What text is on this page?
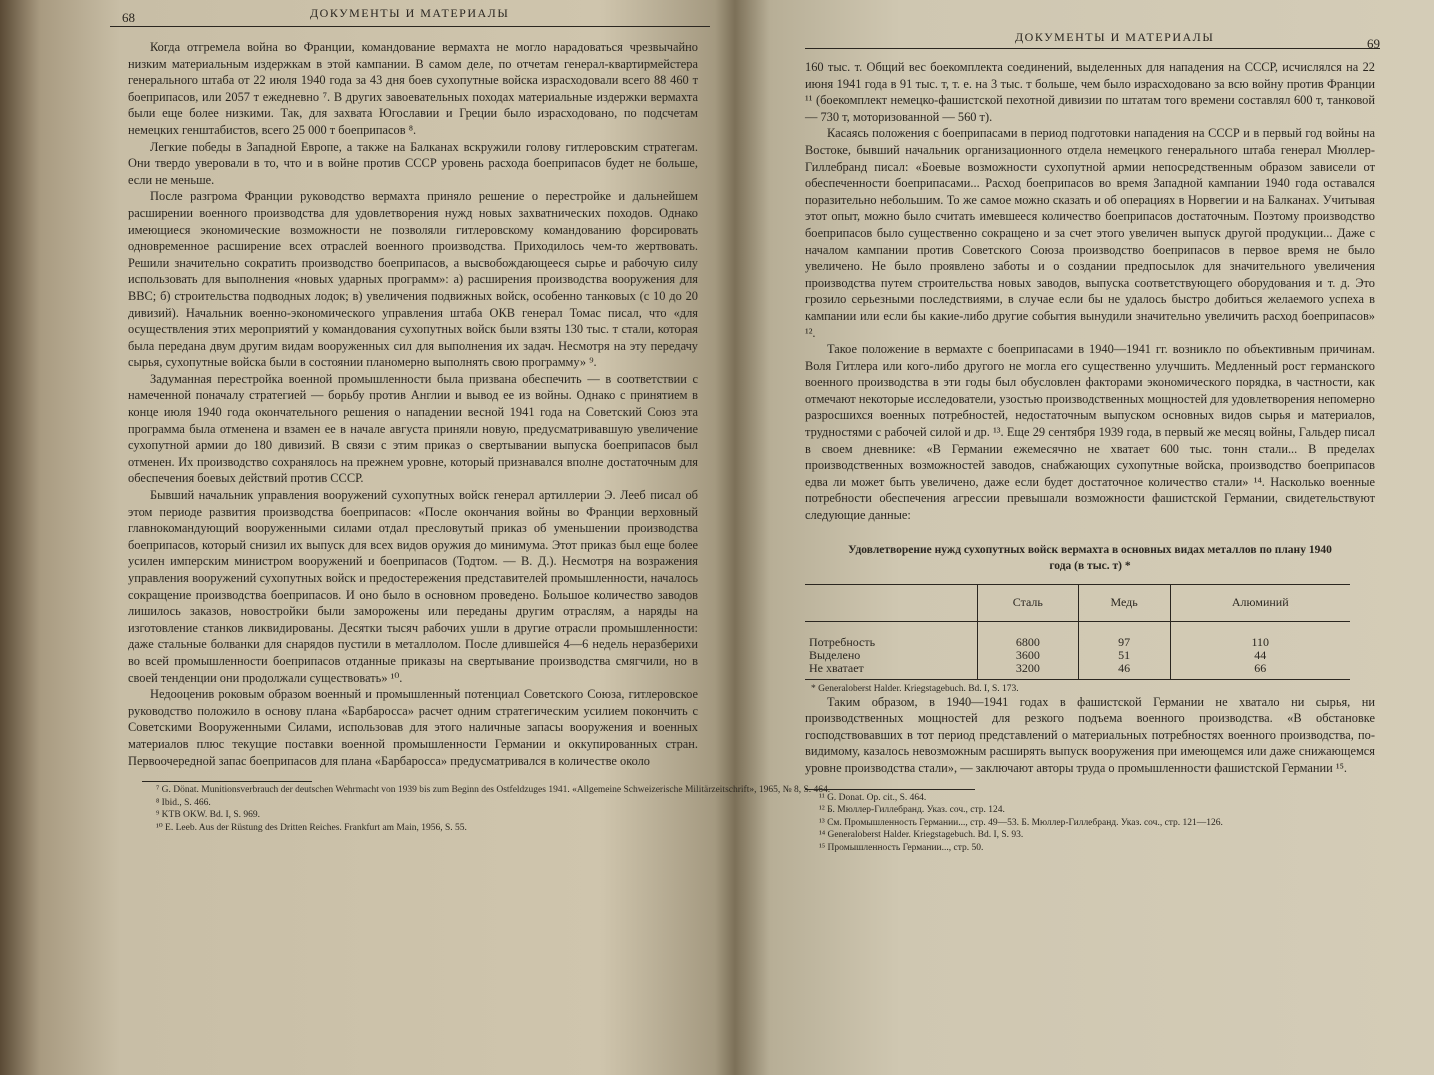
68	ДОКУМЕНТЫ И МАТЕРИАЛЫ

Когда отгремела война во Франции, командование вермахта не могло нарадоваться чрезвычайно низким материальным издержкам в этой кампании. В самом деле, по отчетам генерал-квартирмейстера генерального штаба от 22 июля 1940 года за 43 дня боев сухопутные войска израсходовали всего 88 460 т боеприпасов, или 2057 т ежедневно ⁷. В других завоевательных походах материальные издержки вермахта были еще более низкими. Так, для захвата Югославии и Греции было израсходовано, по подсчетам немецких генштабистов, всего 25 000 т боеприпасов ⁸.

Легкие победы в Западной Европе, а также на Балканах вскружили голову гитлеровским стратегам. Они твердо уверовали в то, что и в войне против СССР уровень расхода боеприпасов будет не больше, если не меньше.

После разгрома Франции руководство вермахта приняло решение о перестройке и дальнейшем расширении военного производства для удовлетворения нужд новых захватнических походов. Однако имеющиеся экономические возможности не позволяли гитлеровскому командованию форсировать одновременное расширение всех отраслей военного производства. Приходилось чем-то жертвовать. Решили значительно сократить производство боеприпасов, а высвобождающееся сырье и рабочую силу использовать для выполнения «новых ударных программ»: а) расширения производства вооружения для ВВС; б) строительства подводных лодок; в) увеличения подвижных войск, особенно танковых (с 10 до 20 дивизий). Начальник военно-экономического управления штаба ОКВ генерал Томас писал, что «для осуществления этих мероприятий у командования сухопутных войск были взяты 130 тыс. т стали, которая была передана двум другим видам вооруженных сил для выполнения их задач. Несмотря на эту передачу сырья, сухопутные войска были в состоянии планомерно выполнять свою программу» ⁹.

Задуманная перестройка военной промышленности была призвана обеспечить — в соответствии с намеченной поначалу стратегией — борьбу против Англии и вывод ее из войны. Однако с принятием в конце июля 1940 года окончательного решения о нападении весной 1941 года на Советский Союз эта программа была отменена и взамен ее в начале августа приняли новую, предусматривавшую увеличение сухопутной армии до 180 дивизий. В связи с этим приказ о свертывании выпуска боеприпасов был отменен. Их производство сохранялось на прежнем уровне, который признавался вполне достаточным для обеспечения боевых действий против СССР.

Бывший начальник управления вооружений сухопутных войск генерал артиллерии Э. Лееб писал об этом периоде развития производства боеприпасов: «После окончания войны во Франции верховный главнокомандующий вооруженными силами отдал пресловутый приказ об уменьшении производства боеприпасов, который снизил их выпуск для всех видов оружия до минимума. Этот приказ был еще более усилен имперским министром вооружений и боеприпасов (Тодтом. — В. Д.). Несмотря на возражения управления вооружений сухопутных войск и предостережения представителей промышленности, началось сокращение производства боеприпасов. И оно было в основном проведено. Большое количество заводов лишилось заказов, новостройки были заморожены или переданы другим отраслям, а наряды на изготовление станков ликвидированы. Десятки тысяч рабочих ушли в другие отрасли промышленности: даже стальные болванки для снарядов пустили в металлолом. После длившейся 4—6 недель неразберихи во всей промышленности боеприпасов отданные приказы на свертывание производства смягчили, но в своей тенденции они продолжали существовать» ¹⁰.

Недооценив роковым образом военный и промышленный потенциал Советского Союза, гитлеровское руководство положило в основу плана «Барбаросса» расчет одним стратегическим усилием покончить с Советскими Вооруженными Силами, использовав для этого наличные запасы вооружения и военных материалов плюс текущие поставки военной промышленности Германии и оккупированных стран. Первоочередной запас боеприпасов для плана «Барбаросса» предусматривался в количестве около

⁷ G. Dönat. Munitionsverbrauch der deutschen Wehrmacht von 1939 bis zum Beginn des Ostfeldzuges 1941. «Allgemeine Schweizerische Militärzeitschrift», 1965, № 8, S. 464.
⁸ Ibid., S. 466.
⁹ KTB OKW. Bd. I, S. 969.
¹⁰ E. Leeb. Aus der Rüstung des Dritten Reiches. Frankfurt am Main, 1956, S. 55.
ДОКУМЕНТЫ И МАТЕРИАЛЫ	69

160 тыс. т. Общий вес боекомплекта соединений, выделенных для нападения на СССР, исчислялся на 22 июня 1941 года в 91 тыс. т, т. е. на 3 тыс. т больше, чем было израсходовано за всю войну против Франции ¹¹ (боекомплект немецко-фашистской пехотной дивизии по штатам того времени составлял 600 т, танковой — 730 т, моторизованной — 560 т).

Касаясь положения с боеприпасами в период подготовки нападения на СССР и в первый год войны на Востоке, бывший начальник организационного отдела немецкого генерального штаба генерал Мюллер-Гиллебранд писал: «Боевые возможности сухопутной армии непосредственным образом зависели от обеспеченности боеприпасами... Расход боеприпасов во время Западной кампании 1940 года оставался поразительно небольшим. То же самое можно сказать и об операциях в Норвегии и на Балканах. Учитывая этот опыт, можно было считать имевшееся количество боеприпасов достаточным. Поэтому производство боеприпасов было существенно сокращено и за счет этого увеличен выпуск другой продукции... Даже с началом кампании против Советского Союза производство боеприпасов в первое время не было увеличено. Не было проявлено заботы и о создании предпосылок для значительного увеличения производства путем строительства новых заводов, выпуска соответствующего оборудования и т. д. Это грозило серьезными последствиями, в случае если бы не удалось быстро добиться желаемого успеха в кампании или если бы какие-либо другие события вынудили значительно увеличить расход боеприпасов» ¹².

Такое положение в вермахте с боеприпасами в 1940—1941 гг. возникло по объективным причинам. Воля Гитлера или кого-либо другого не могла его существенно улучшить. Медленный рост германского военного производства в эти годы был обусловлен факторами экономического порядка, в частности, как отмечают некоторые исследователи, узостью производственных мощностей для удовлетворения непомерно разросшихся военных потребностей, недостаточным выпуском основных видов сырья и материалов, трудностями с рабочей силой и др. ¹³. Еще 29 сентября 1939 года, в первый же месяц войны, Гальдер писал в своем дневнике: «В Германии ежемесячно не хватает 600 тыс. тонн стали... В пределах производственных возможностей заводов, снабжающих сухопутные войска, производство боеприпасов едва ли может быть увеличено, даже если будет достаточное количество стали» ¹⁴. Насколько военные потребности обеспечения агрессии превышали возможности фашистской Германии, свидетельствуют следующие данные:

Удовлетворение нужд сухопутных войск вермахта в основных видах металлов по плану 1940 года (в тыс. т) *
	Сталь	Медь	Алюминий
Потребность	6800	97	110
Выделено	3600	51	44
Не хватает	3200	46	66
* Generaloberst Halder. Kriegstagebuch. Bd. I, S. 173.

Таким образом, в 1940—1941 годах в фашистской Германии не хватало ни сырья, ни производственных мощностей для резкого подъема военного производства. «В обстановке господствовавших в тот период представлений о материальных потребностях военного производства, по-видимому, казалось невозможным расширять выпуск вооружения при имеющемся или даже снижающемся уровне производства стали», — заключают авторы труда о промышленности фашистской Германии ¹⁵.

¹¹ G. Donat. Op. cit., S. 464.
¹² Б. Мюллер-Гиллебранд. Указ. соч., стр. 124.
¹³ См. Промышленность Германии..., стр. 49—53. Б. Мюллер-Гиллебранд. Указ. соч., стр. 121—126.
¹⁴ Generaloberst Halder. Kriegstagebuch. Bd. I, S. 93.
¹⁵ Промышленность Германии..., стр. 50.
